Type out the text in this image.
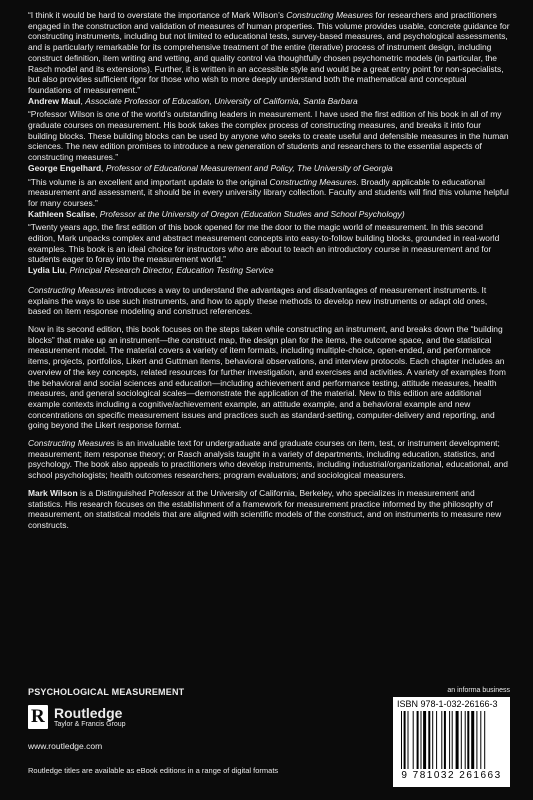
“I think it would be hard to overstate the importance of Mark Wilson’s Constructing Measures for researchers and practitioners engaged in the construction and validation of measures of human properties. This volume provides usable, concrete guidance for constructing instruments, including but not limited to educational tests, survey-based measures, and psychological assessments, and is particularly remarkable for its comprehensive treatment of the entire (iterative) process of instrument design, including construct definition, item writing and vetting, and quality control via thoughtfully chosen psychometric models (in particular, the Rasch model and its extensions). Further, it is written in an accessible style and would be a great entry point for non-specialists, but also provides sufficient rigor for those who wish to more deeply understand both the mathematical and conceptual foundations of measurement.”

Andrew Maul, Associate Professor of Education, University of California, Santa Barbara

“Professor Wilson is one of the world’s outstanding leaders in measurement. I have used the first edition of his book in all of my graduate courses on measurement. His book takes the complex process of constructing measures, and breaks it into four building blocks. These building blocks can be used by anyone who seeks to create useful and defensible measures in the human sciences. The new edition promises to introduce a new generation of students and researchers to the essential aspects of constructing measures.”

George Engelhard, Professor of Educational Measurement and Policy, The University of Georgia

“This volume is an excellent and important update to the original Constructing Measures. Broadly applicable to educational measurement and assessment, it should be in every university library collection. Faculty and students will find this volume helpful for many courses.”

Kathleen Scalise, Professor at the University of Oregon (Education Studies and School Psychology)

“Twenty years ago, the first edition of this book opened for me the door to the magic world of measurement. In this second edition, Mark unpacks complex and abstract measurement concepts into easy-to-follow building blocks, grounded in real-world examples. This book is an ideal choice for instructors who are about to teach an introductory course in measurement and for students eager to foray into the measurement world.”

Lydia Liu, Principal Research Director, Education Testing Service

Constructing Measures introduces a way to understand the advantages and disadvantages of measurement instruments. It explains the ways to use such instruments, and how to apply these methods to develop new instruments or adapt old ones, based on item response modeling and construct references.

Now in its second edition, this book focuses on the steps taken while constructing an instrument, and breaks down the “building blocks” that make up an instrument—the construct map, the design plan for the items, the outcome space, and the statistical measurement model. The material covers a variety of item formats, including multiple-choice, open-ended, and performance items, projects, portfolios, Likert and Guttman items, behavioral observations, and interview protocols. Each chapter includes an overview of the key concepts, related resources for further investigation, and exercises and activities. A variety of examples from the behavioral and social sciences and education—including achievement and performance testing, attitude measures, health measures, and general sociological scales—demonstrate the application of the material. New to this edition are additional example contexts including a cognitive/achievement example, an attitude example, and a behavioral example and new concentrations on specific measurement issues and practices such as standard-setting, computer-delivery and reporting, and going beyond the Likert response format.

Constructing Measures is an invaluable text for undergraduate and graduate courses on item, test, or instrument development; measurement; item response theory; or Rasch analysis taught in a variety of departments, including education, statistics, and psychology. The book also appeals to practitioners who develop instruments, including industrial/organizational, educational, and school psychologists; health outcomes researchers; program evaluators; and sociological measurers.

Mark Wilson is a Distinguished Professor at the University of California, Berkeley, who specializes in measurement and statistics. His research focuses on the establishment of a framework for measurement practice informed by the philosophy of measurement, on statistical models that are aligned with scientific models of the construct, and on instruments to measure new constructs.

PSYCHOLOGICAL MEASUREMENT	an informa business
R Routledge
Taylor & Francis Group
www.routledge.com
Routledge titles are available as eBook editions in a range of digital formats
ISBN 978-1-032-26166-3
9 781032 261663
